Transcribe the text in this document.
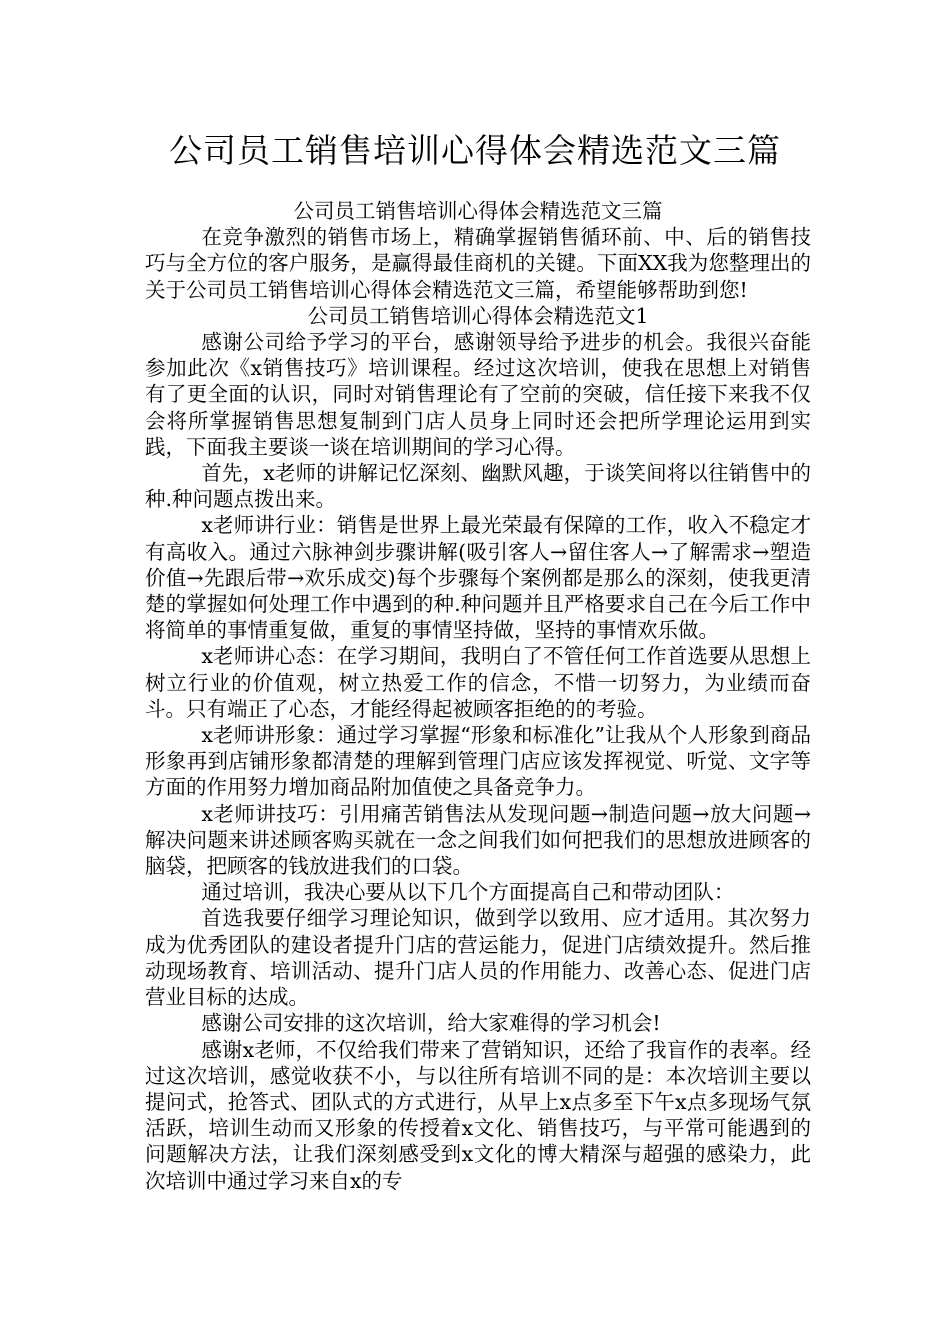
公司员工销售培训心得体会精选范文三篇

公司员工销售培训心得体会精选范文三篇

在竞争激烈的销售市场上，精确掌握销售循环前、中、后的销售技巧与全方位的客户服务，是赢得最佳商机的关键。下面XX我为您整理出的关于公司员工销售培训心得体会精选范文三篇，希望能够帮助到您!

公司员工销售培训心得体会精选范文1

感谢公司给予学习的平台，感谢领导给予进步的机会。我很兴奋能参加此次《x销售技巧》培训课程。经过这次培训，使我在思想上对销售有了更全面的认识，同时对销售理论有了空前的突破，信任接下来我不仅会将所掌握销售思想复制到门店人员身上同时还会把所学理论运用到实践，下面我主要谈一谈在培训期间的学习心得。

首先，x老师的讲解记忆深刻、幽默风趣，于谈笑间将以往销售中的种.种问题点拨出来。

x老师讲行业：销售是世界上最光荣最有保障的工作，收入不稳定才有高收入。通过六脉神剑步骤讲解(吸引客人→留住客人→了解需求→塑造价值→先跟后带→欢乐成交)每个步骤每个案例都是那么的深刻，使我更清楚的掌握如何处理工作中遇到的种.种问题并且严格要求自己在今后工作中将简单的事情重复做，重复的事情坚持做，坚持的事情欢乐做。

x老师讲心态：在学习期间，我明白了不管任何工作首选要从思想上树立行业的价值观，树立热爱工作的信念，不惜一切努力，为业绩而奋斗。只有端正了心态，才能经得起被顾客拒绝的的考验。

x老师讲形象：通过学习掌握“形象和标准化”让我从个人形象到商品形象再到店铺形象都清楚的理解到管理门店应该发挥视觉、听觉、文字等方面的作用努力增加商品附加值使之具备竞争力。

x老师讲技巧：引用痛苦销售法从发现问题→制造问题→放大问题→解决问题来讲述顾客购买就在一念之间我们如何把我们的思想放进顾客的脑袋，把顾客的钱放进我们的口袋。

通过培训，我决心要从以下几个方面提高自己和带动团队：

首选我要仔细学习理论知识，做到学以致用、应才适用。其次努力成为优秀团队的建设者提升门店的营运能力，促进门店绩效提升。然后推动现场教育、培训活动、提升门店人员的作用能力、改善心态、促进门店营业目标的达成。

感谢公司安排的这次培训，给大家难得的学习机会!

感谢x老师，不仅给我们带来了营销知识，还给了我盲作的表率。经过这次培训，感觉收获不小，与以往所有培训不同的是：本次培训主要以提问式，抢答式、团队式的方式进行，从早上x点多至下午x点多现场气氛活跃，培训生动而又形象的传授着x文化、销售技巧，与平常可能遇到的问题解决方法，让我们深刻感受到x文化的博大精深与超强的感染力，此次培训中通过学习来自x的专
